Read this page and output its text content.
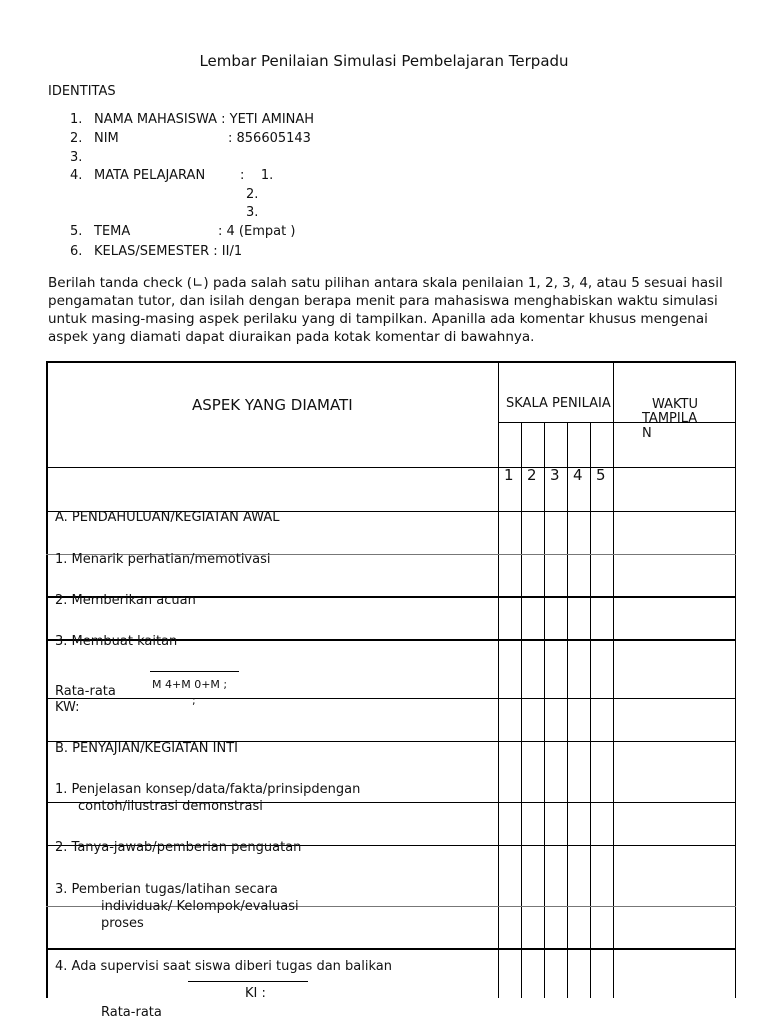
Lembar Penilaian Simulasi Pembelajaran Terpadu
IDENTITAS
1. NAMA MAHASISWA : YETI AMINAH
2. NIM	: 856605143
3.
4. MATA PELAJARAN	:    1.
2.
3.
5. TEMA	: 4 (Empat )
6. KELAS/SEMESTER : II/1
Berilah tanda check (∟) pada salah satu pilihan antara skala penilaian 1, 2, 3, 4, atau 5 sesuai hasil pengamatan tutor, dan isilah dengan berapa menit para mahasiswa menghabiskan waktu simulasi untuk masing-masing aspek perilaku yang di tampilkan. Apanilla ada komentar khusus mengenai aspek yang diamati dapat diuraikan pada kotak komentar di bawahnya.
ASPEK YANG DIAMATI	SKALA PENILAIA	WAKTU
TAMPILA
N
1 2 3 4 5
A. PENDAHULUAN/KEGIATAN AWAL
1. Menarik perhatian/memotivasi
2. Memberikan acuan
3. Membuat kaitan
M 4+M 0+M ;
;
Rata-rata
KW:
B. PENYAJIAN/KEGIATAN INTI
1. Penjelasan konsep/data/fakta/prinsipdengan
contoh/ilustrasi demonstrasi
2. Tanya-jawab/pemberian penguatan
3. Pemberian tugas/latihan secara
individuak/ Kelompok/evaluasi
proses
4. Ada supervisi saat siswa diberi tugas dan balikan
KI :
Rata-rata
